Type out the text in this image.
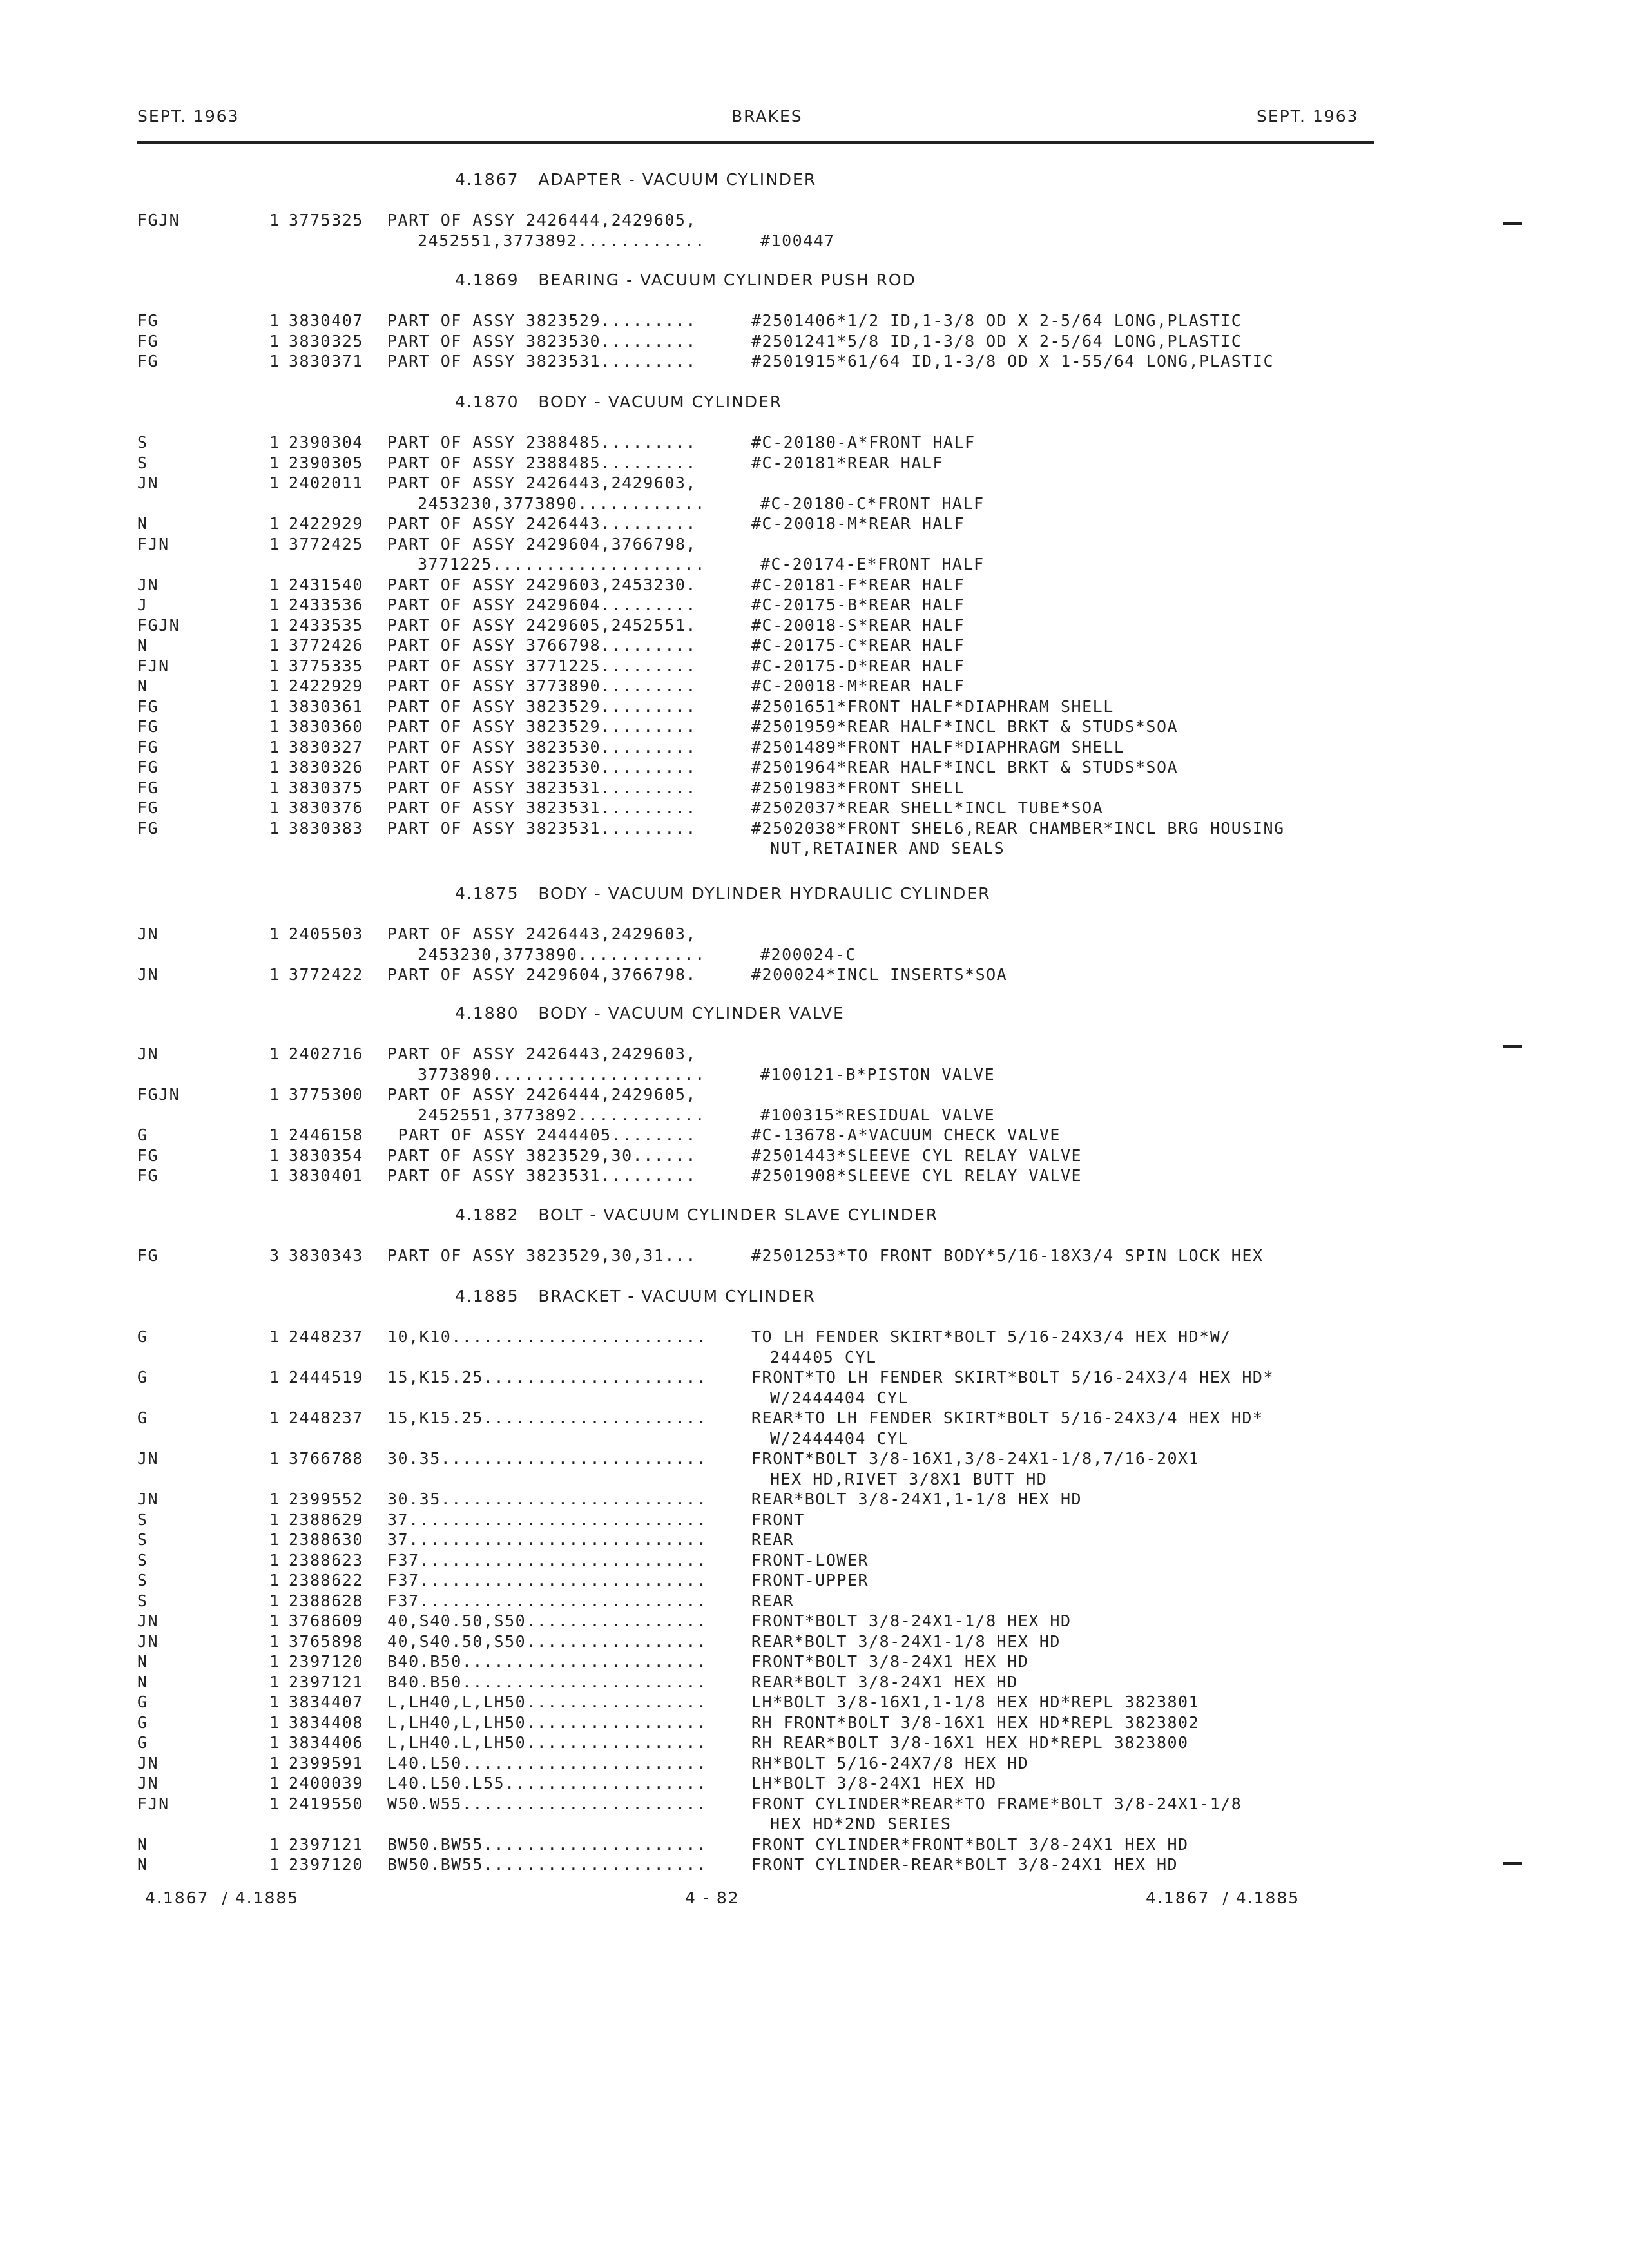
SEPT. 1963	BRAKES	SEPT. 1963
4.1867   ADAPTER - VACUUM CYLINDER
FGJN	1 3775325 PART OF ASSY 2426444,2429605,
2452551,3773892............	#100447
4.1869   BEARING - VACUUM CYLINDER PUSH ROD
FG	1 3830407 PART OF ASSY 3823529.........	#2501406*1/2 ID,1-3/8 OD X 2-5/64 LONG,PLASTIC
FG	1 3830325 PART OF ASSY 3823530.........	#2501241*5/8 ID,1-3/8 OD X 2-5/64 LONG,PLASTIC
FG	1 3830371 PART OF ASSY 3823531.........	#2501915*61/64 ID,1-3/8 OD X 1-55/64 LONG,PLASTIC
4.1870   BODY - VACUUM CYLINDER
S	1 2390304 PART OF ASSY 2388485.........	#C-20180-A*FRONT HALF
S	1 2390305 PART OF ASSY 2388485.........	#C-20181*REAR HALF
JN	1 2402011 PART OF ASSY 2426443,2429603,
2453230,3773890............	#C-20180-C*FRONT HALF
N	1 2422929 PART OF ASSY 2426443.........	#C-20018-M*REAR HALF
FJN	1 3772425 PART OF ASSY 2429604,3766798,
3771225....................	#C-20174-E*FRONT HALF
JN	1 2431540 PART OF ASSY 2429603,2453230.	#C-20181-F*REAR HALF
J	1 2433536 PART OF ASSY 2429604.........	#C-20175-B*REAR HALF
FGJN	1 2433535 PART OF ASSY 2429605,2452551.	#C-20018-S*REAR HALF
N	1 3772426 PART OF ASSY 3766798.........	#C-20175-C*REAR HALF
FJN	1 3775335 PART OF ASSY 3771225.........	#C-20175-D*REAR HALF
N	1 2422929 PART OF ASSY 3773890.........	#C-20018-M*REAR HALF
FG	1 3830361 PART OF ASSY 3823529.........	#2501651*FRONT HALF*DIAPHRAM SHELL
FG	1 3830360 PART OF ASSY 3823529.........	#2501959*REAR HALF*INCL BRKT & STUDS*SOA
FG	1 3830327 PART OF ASSY 3823530.........	#2501489*FRONT HALF*DIAPHRAGM SHELL
FG	1 3830326 PART OF ASSY 3823530.........	#2501964*REAR HALF*INCL BRKT & STUDS*SOA
FG	1 3830375 PART OF ASSY 3823531.........	#2501983*FRONT SHELL
FG	1 3830376 PART OF ASSY 3823531.........	#2502037*REAR SHELL*INCL TUBE*SOA
FG	1 3830383 PART OF ASSY 3823531.........	#2502038*FRONT SHEL6,REAR CHAMBER*INCL BRG HOUSING
NUT,RETAINER AND SEALS
4.1875   BODY - VACUUM DYLINDER HYDRAULIC CYLINDER
JN	1 2405503 PART OF ASSY 2426443,2429603,
2453230,3773890............	#200024-C
JN	1 3772422 PART OF ASSY 2429604,3766798.	#200024*INCL INSERTS*SOA
4.1880   BODY - VACUUM CYLINDER VALVE
JN	1 2402716 PART OF ASSY 2426443,2429603,
3773890....................	#100121-B*PISTON VALVE
FGJN	1 3775300 PART OF ASSY 2426444,2429605,
2452551,3773892............	#100315*RESIDUAL VALVE
G	1 2446158 PART OF ASSY 2444405........	#C-13678-A*VACUUM CHECK VALVE
FG	1 3830354 PART OF ASSY 3823529,30......	#2501443*SLEEVE CYL RELAY VALVE
FG	1 3830401 PART OF ASSY 3823531.........	#2501908*SLEEVE CYL RELAY VALVE
4.1882   BOLT - VACUUM CYLINDER SLAVE CYLINDER
FG	3 3830343 PART OF ASSY 3823529,30,31...	#2501253*TO FRONT BODY*5/16-18X3/4 SPIN LOCK HEX
4.1885   BRACKET - VACUUM CYLINDER
G	1 2448237 10,K10........................	TO LH FENDER SKIRT*BOLT 5/16-24X3/4 HEX HD*W/
244405 CYL
G	1 2444519 15,K15.25.....................	FRONT*TO LH FENDER SKIRT*BOLT 5/16-24X3/4 HEX HD*
W/2444404 CYL
G	1 2448237 15,K15.25.....................	REAR*TO LH FENDER SKIRT*BOLT 5/16-24X3/4 HEX HD*
W/2444404 CYL
JN	1 3766788 30.35.........................	FRONT*BOLT 3/8-16X1,3/8-24X1-1/8,7/16-20X1
HEX HD,RIVET 3/8X1 BUTT HD
JN	1 2399552 30.35.........................	REAR*BOLT 3/8-24X1,1-1/8 HEX HD
S	1 2388629 37............................	FRONT
S	1 2388630 37............................	REAR
S	1 2388623 F37...........................	FRONT-LOWER
S	1 2388622 F37...........................	FRONT-UPPER
S	1 2388628 F37...........................	REAR
JN	1 3768609 40,S40.50,S50.................	FRONT*BOLT 3/8-24X1-1/8 HEX HD
JN	1 3765898 40,S40.50,S50.................	REAR*BOLT 3/8-24X1-1/8 HEX HD
N	1 2397120 B40.B50.......................	FRONT*BOLT 3/8-24X1 HEX HD
N	1 2397121 B40.B50.......................	REAR*BOLT 3/8-24X1 HEX HD
G	1 3834407 L,LH40,L,LH50.................	LH*BOLT 3/8-16X1,1-1/8 HEX HD*REPL 3823801
G	1 3834408 L,LH40,L,LH50.................	RH FRONT*BOLT 3/8-16X1 HEX HD*REPL 3823802
G	1 3834406 L,LH40.L,LH50.................	RH REAR*BOLT 3/8-16X1 HEX HD*REPL 3823800
JN	1 2399591 L40.L50.......................	RH*BOLT 5/16-24X7/8 HEX HD
JN	1 2400039 L40.L50.L55...................	LH*BOLT 3/8-24X1 HEX HD
FJN	1 2419550 W50.W55.......................	FRONT CYLINDER*REAR*TO FRAME*BOLT 3/8-24X1-1/8
HEX HD*2ND SERIES
N	1 2397121 BW50.BW55.....................	FRONT CYLINDER*FRONT*BOLT 3/8-24X1 HEX HD
N	1 2397120 BW50.BW55.....................	FRONT CYLINDER-REAR*BOLT 3/8-24X1 HEX HD
4.1867  / 4.1885	4 - 82	4.1867  / 4.1885
